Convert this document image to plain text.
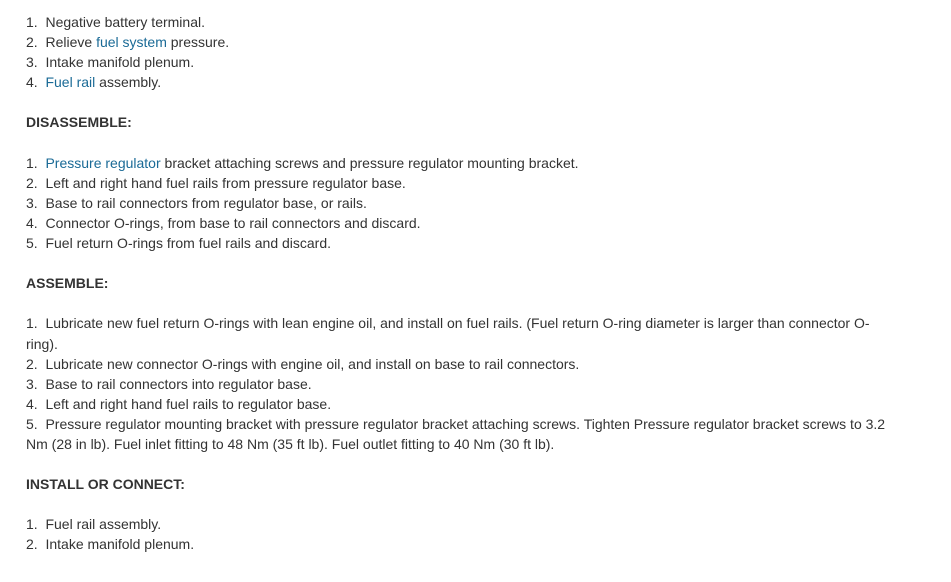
1. Negative battery terminal.
2. Relieve fuel system pressure.
3. Intake manifold plenum.
4. Fuel rail assembly.
DISASSEMBLE:
1. Pressure regulator bracket attaching screws and pressure regulator mounting bracket.
2. Left and right hand fuel rails from pressure regulator base.
3. Base to rail connectors from regulator base, or rails.
4. Connector O-rings, from base to rail connectors and discard.
5. Fuel return O-rings from fuel rails and discard.
ASSEMBLE:
1. Lubricate new fuel return O-rings with lean engine oil, and install on fuel rails. (Fuel return O-ring diameter is larger than connector O-ring).
2. Lubricate new connector O-rings with engine oil, and install on base to rail connectors.
3. Base to rail connectors into regulator base.
4. Left and right hand fuel rails to regulator base.
5. Pressure regulator mounting bracket with pressure regulator bracket attaching screws. Tighten Pressure regulator bracket screws to 3.2 Nm (28 in lb). Fuel inlet fitting to 48 Nm (35 ft lb). Fuel outlet fitting to 40 Nm (30 ft lb).
INSTALL OR CONNECT:
1. Fuel rail assembly.
2. Intake manifold plenum.
